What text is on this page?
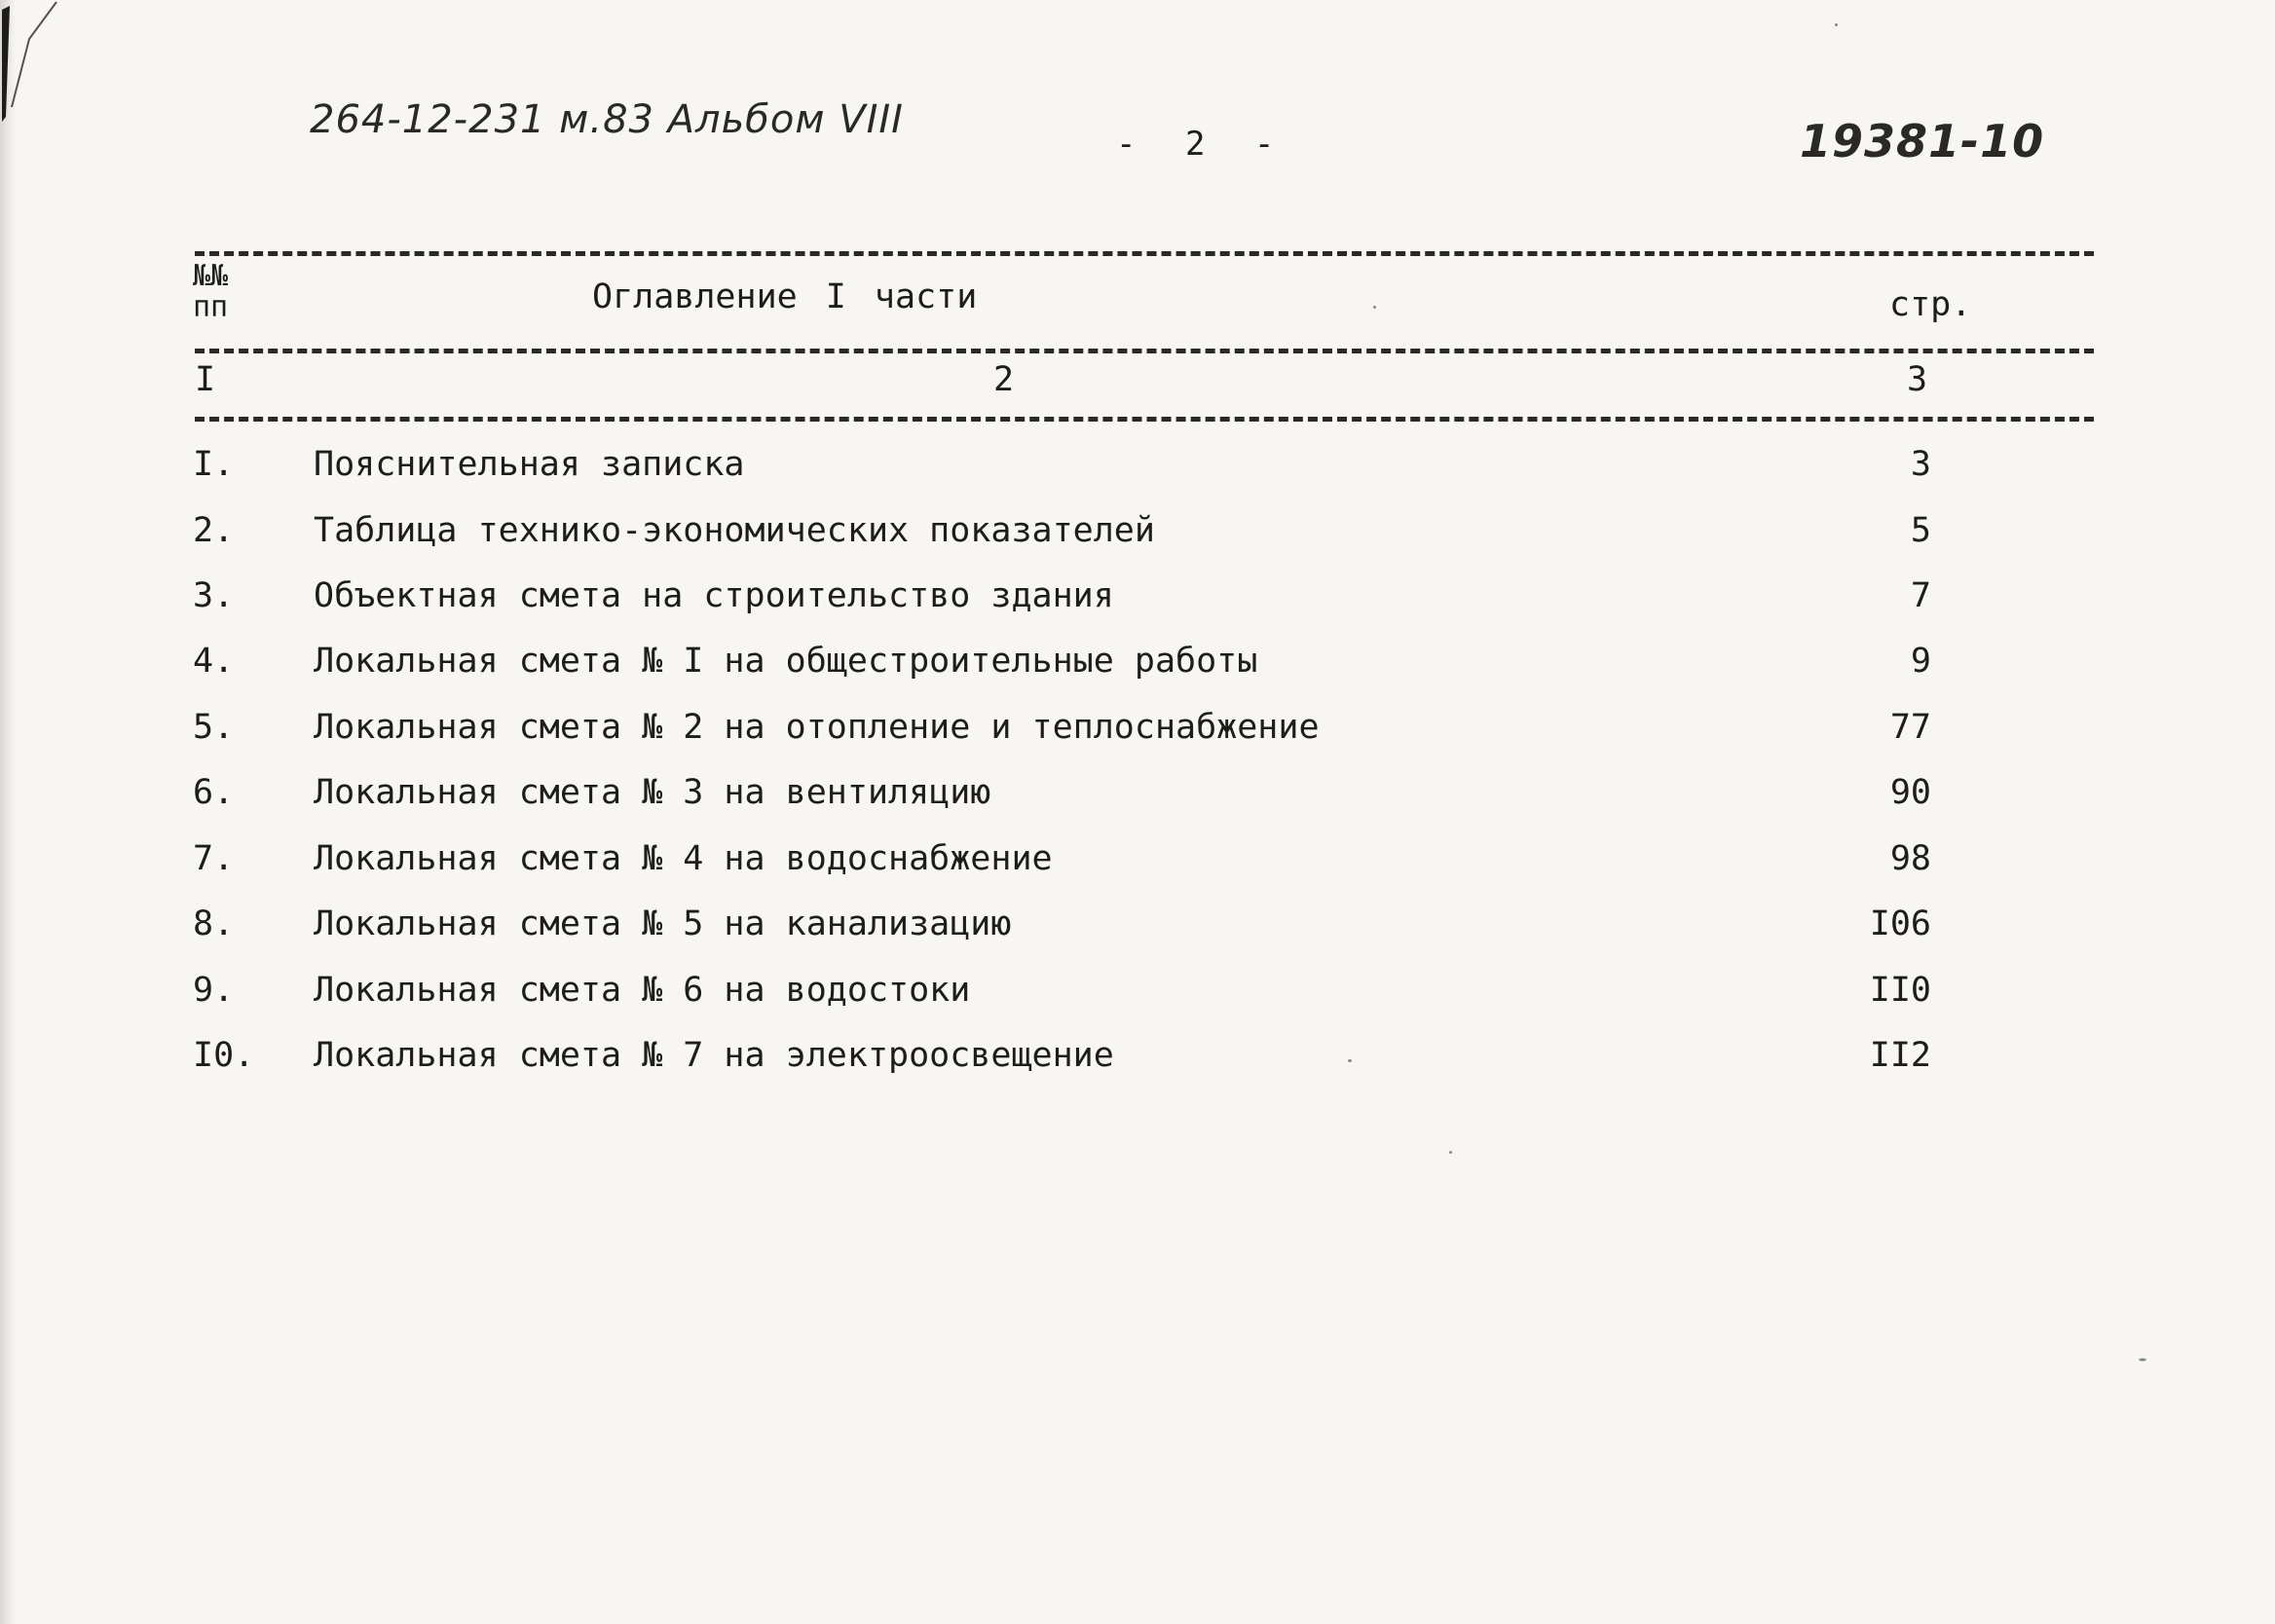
264-12-231 м.83 Альбом VIII
- 2 -	19381-10
№№ пп	Оглавление I части	стр.
I	2	3
I. Пояснительная записка	3
2. Таблица технико-экономических показателей	5
3. Объектная смета на строительство здания	7
4. Локальная смета № I на общестроительные работы	9
5. Локальная смета № 2 на отопление и теплоснабжение	77
6. Локальная смета № 3 на вентиляцию	90
7. Локальная смета № 4 на водоснабжение	98
8. Локальная смета № 5 на канализацию	I06
9. Локальная смета № 6 на водостоки	II0
I0. Локальная смета № 7 на электроосвещение	II2
